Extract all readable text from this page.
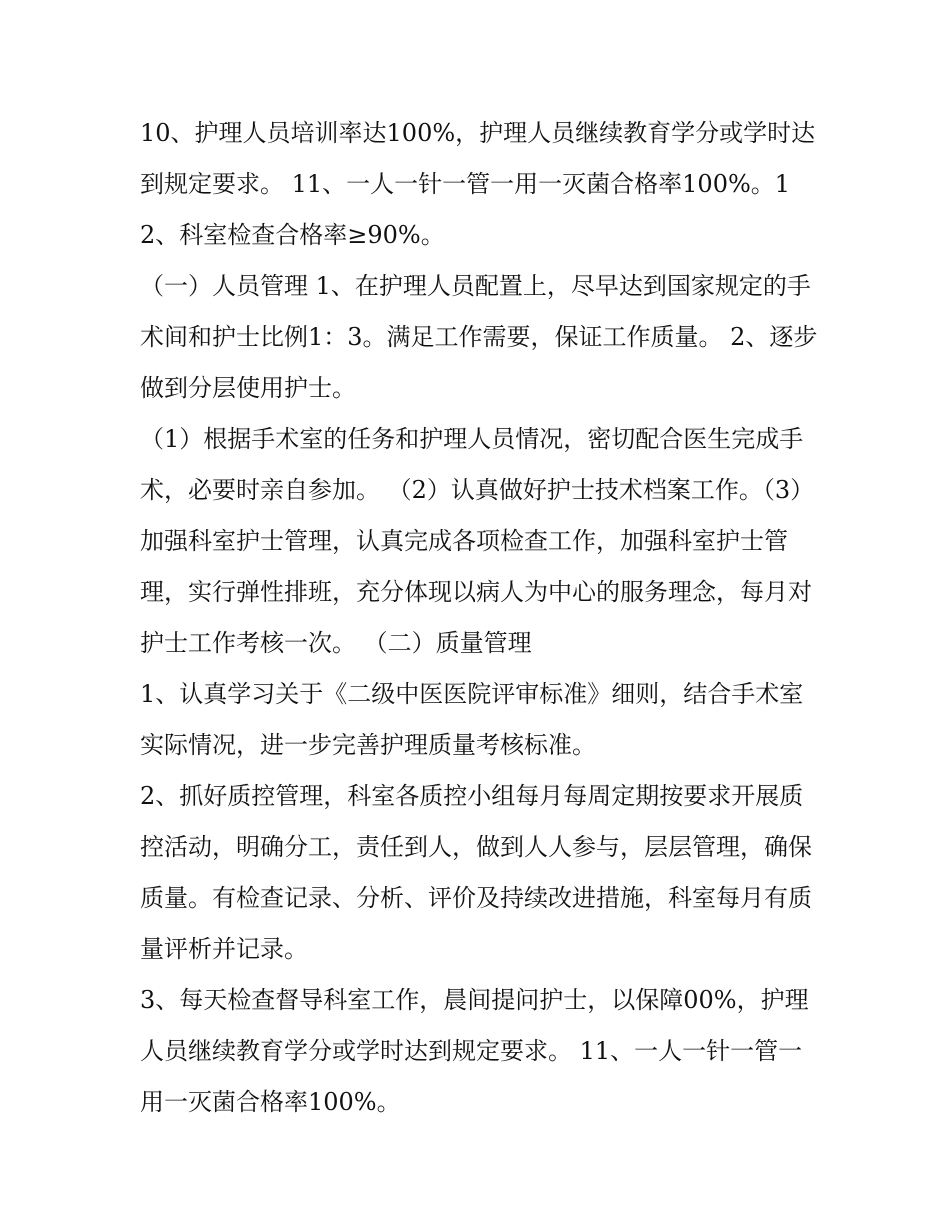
10、护理人员培训率达100%，护理人员继续教育学分或学时达到规定要求。 11、一人一针一管一用一灭菌合格率100%。12、科室检查合格率≥90%。

（一）人员管理 1、在护理人员配置上，尽早达到国家规定的手术间和护士比例1：3。满足工作需要，保证工作质量。 2、逐步做到分层使用护士。

（1）根据手术室的任务和护理人员情况，密切配合医生完成手术，必要时亲自参加。 （2）认真做好护士技术档案工作。（3）加强科室护士管理，认真完成各项检查工作，加强科室护士管理，实行弹性排班，充分体现以病人为中心的服务理念，每月对护士工作考核一次。 （二）质量管理

1、认真学习关于《二级中医医院评审标准》细则，结合手术室实际情况，进一步完善护理质量考核标准。

2、抓好质控管理，科室各质控小组每月每周定期按要求开展质控活动，明确分工，责任到人，做到人人参与，层层管理，确保质量。有检查记录、分析、评价及持续改进措施，科室每月有质量评析并记录。

3、每天检查督导科室工作，晨间提问护士，以保障00%，护理人员继续教育学分或学时达到规定要求。 11、一人一针一管一用一灭菌合格率100%。
